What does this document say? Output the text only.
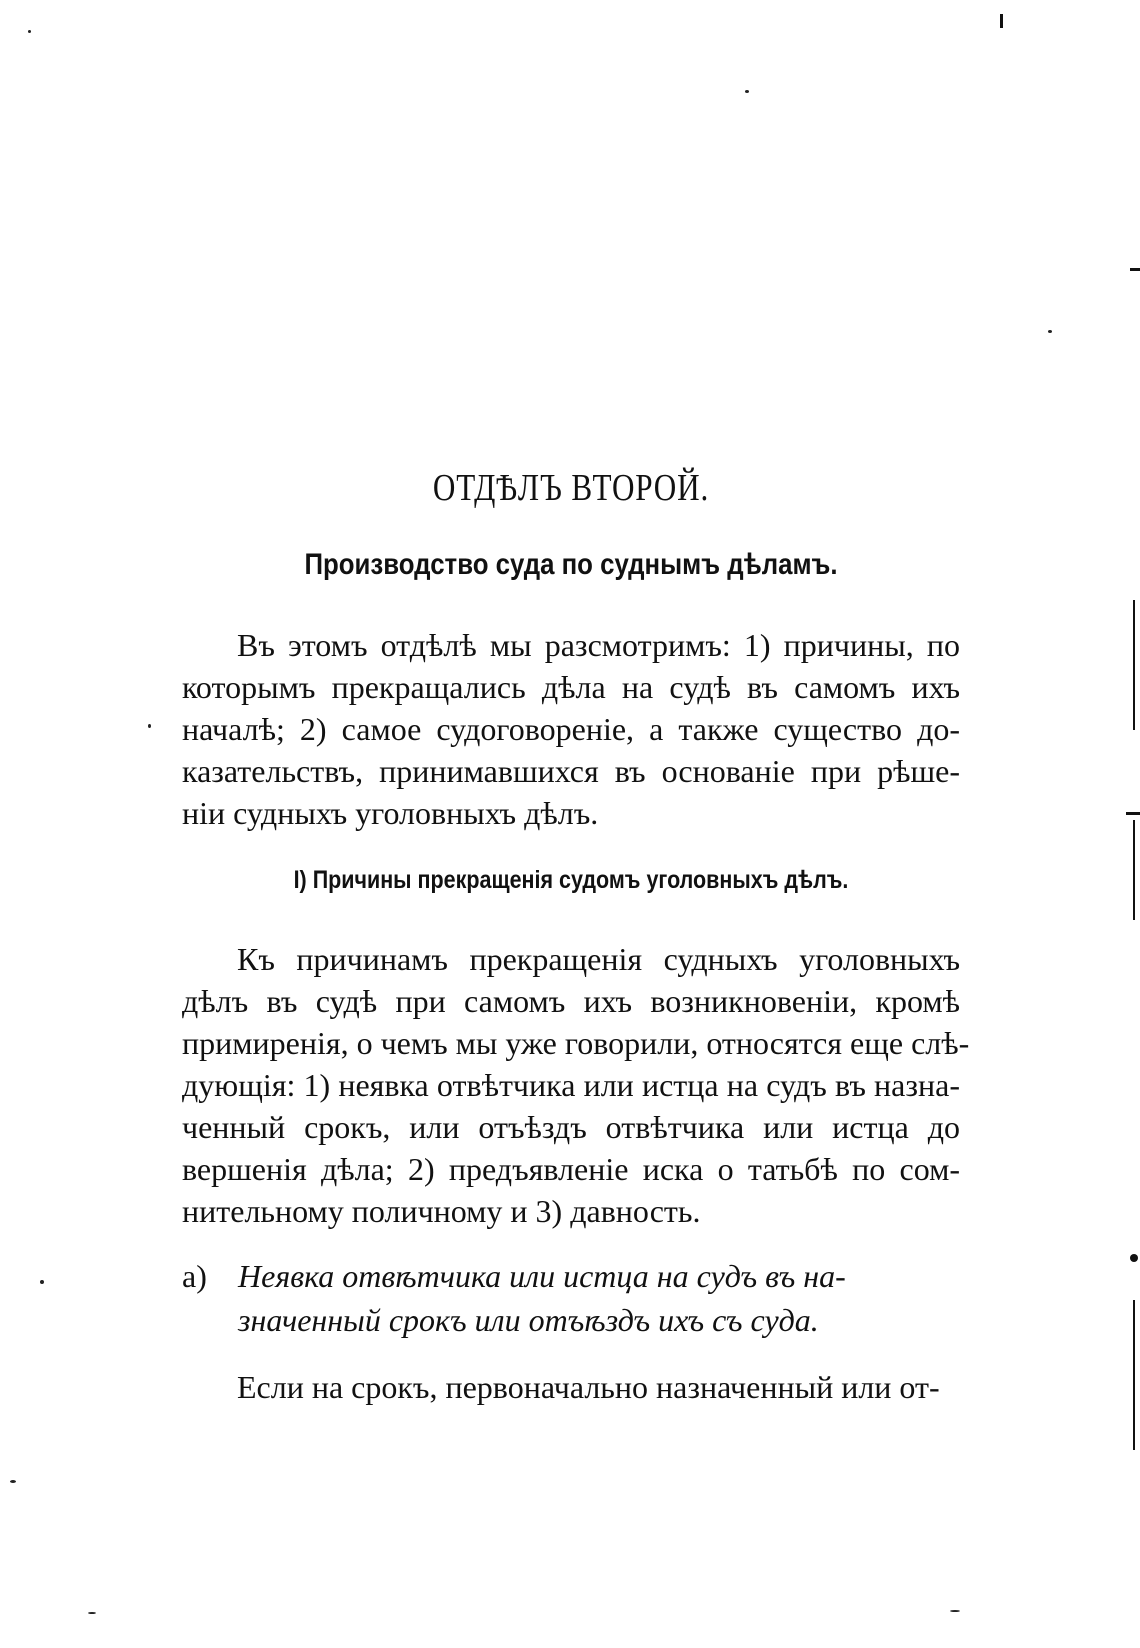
ОТДѢЛЪ ВТОРОЙ.
Производство суда по суднымъ дѣламъ.

Въ этомъ отдѣлѣ мы разсмотримъ: 1) причины, по
которымъ прекращались дѣла на судѣ въ самомъ ихъ
началѣ; 2) самое судоговореніе, а также существо до-
казательствъ, принимавшихся въ основаніе при рѣше-
ніи судныхъ уголовныхъ дѣлъ.

I) Причины прекращенія судомъ уголовныхъ дѣлъ.

Къ причинамъ прекращенія судныхъ уголовныхъ
дѣлъ въ судѣ при самомъ ихъ возникновеніи, кромѣ
примиренія, о чемъ мы уже говорили, относятся еще слѣ-
дующія: 1) неявка отвѣтчика или истца на судъ въ назна-
ченный срокъ, или отъѣздъ отвѣтчика или истца до
вершенія дѣла; 2) предъявленіе иска о татьбѣ по сом-
нительному поличному и 3) давность.

а) Неявка отвѣтчика или истца на судъ въ на-
значенный срокъ или отъѣздъ ихъ съ суда.

Если на срокъ, первоначально назначенный или от-
